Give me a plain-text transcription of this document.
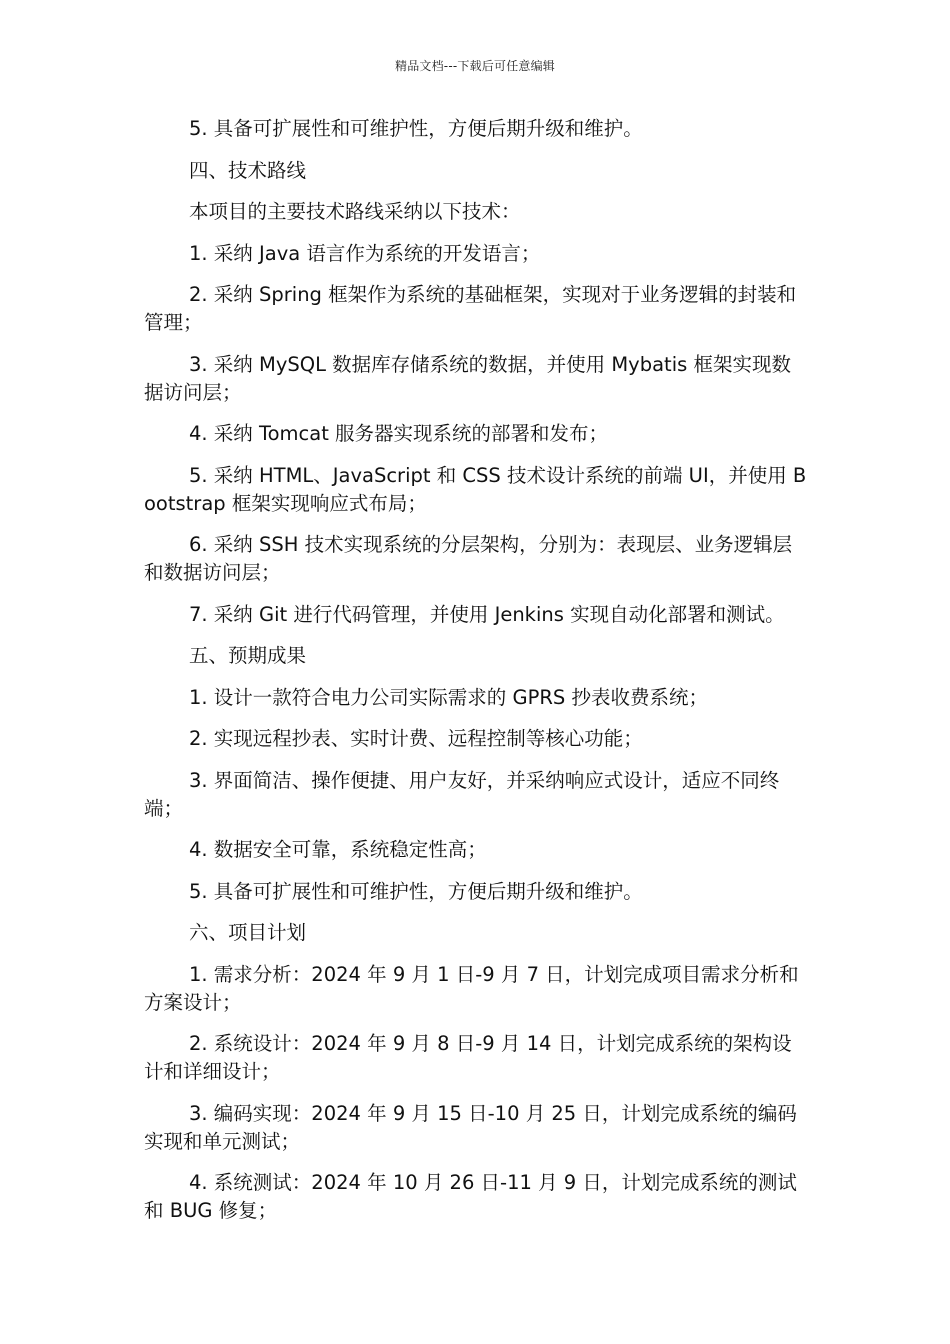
精品文档---下载后可任意编辑

5. 具备可扩展性和可维护性，方便后期升级和维护。

四、技术路线

本项目的主要技术路线采纳以下技术：

1. 采纳 Java 语言作为系统的开发语言；

2. 采纳 Spring 框架作为系统的基础框架，实现对于业务逻辑的封装和管理；

3. 采纳 MySQL 数据库存储系统的数据，并使用 Mybatis 框架实现数据访问层；

4. 采纳 Tomcat 服务器实现系统的部署和发布；

5. 采纳 HTML、JavaScript 和 CSS 技术设计系统的前端 UI，并使用 Bootstrap 框架实现响应式布局；

6. 采纳 SSH 技术实现系统的分层架构，分别为：表现层、业务逻辑层和数据访问层；

7. 采纳 Git 进行代码管理，并使用 Jenkins 实现自动化部署和测试。

五、预期成果

1. 设计一款符合电力公司实际需求的 GPRS 抄表收费系统；

2. 实现远程抄表、实时计费、远程控制等核心功能；

3. 界面简洁、操作便捷、用户友好，并采纳响应式设计，适应不同终端；

4. 数据安全可靠，系统稳定性高；

5. 具备可扩展性和可维护性，方便后期升级和维护。

六、项目计划

1. 需求分析：2024 年 9 月 1 日-9 月 7 日，计划完成项目需求分析和方案设计；

2. 系统设计：2024 年 9 月 8 日-9 月 14 日，计划完成系统的架构设计和详细设计；

3. 编码实现：2024 年 9 月 15 日-10 月 25 日，计划完成系统的编码实现和单元测试；

4. 系统测试：2024 年 10 月 26 日-11 月 9 日，计划完成系统的测试和 BUG 修复；
